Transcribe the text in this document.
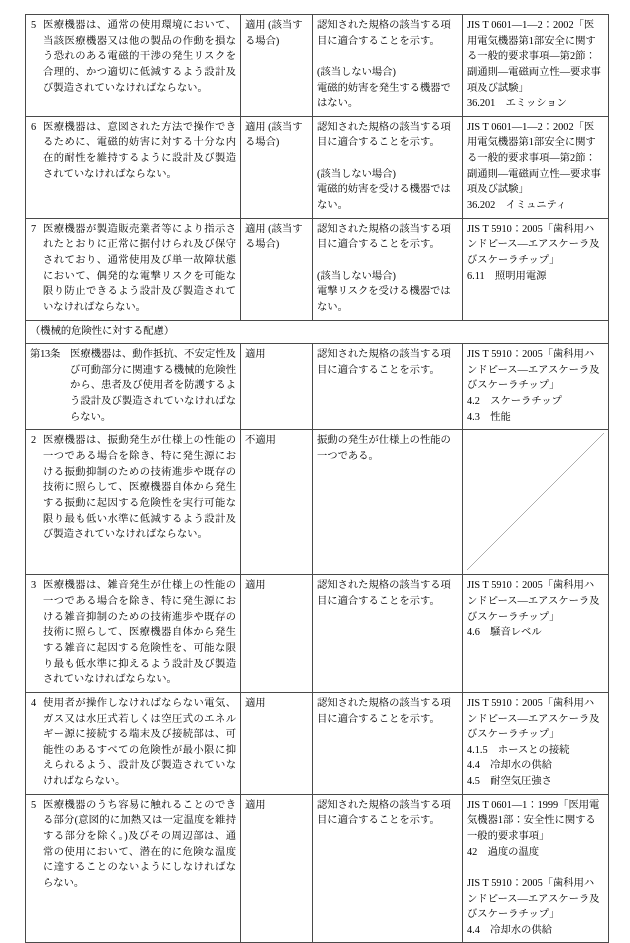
5 医療機器は、通常の使用環境において、当該医療機器又は他の製品の作動を損なう恐れのある電磁的干渉の発生リスクを合理的、かつ適切に低減するよう設計及び製造されていなければならない。	適用 (該当する場合)	認知された規格の該当する項目に適合することを示す。
(該当しない場合)
電磁的妨害を発生する機器ではない。	JIS T 0601—1—2：2002「医用電気機器第1部安全に関する一般的要求事項—第2節：副通則—電磁両立性—要求事項及び試験」
36.201　エミッション

6 医療機器は、意図された方法で操作できるために、電磁的妨害に対する十分な内在的耐性を維持するように設計及び製造されていなければならない。	適用 (該当する場合)	認知された規格の該当する項目に適合することを示す。
(該当しない場合)
電磁的妨害を受ける機器ではない。	JIS T 0601—1—2：2002「医用電気機器第1部安全に関する一般的要求事項—第2節：副通則—電磁両立性—要求事項及び試験」
36.202　イミュニティ

7 医療機器が製造販売業者等により指示されたとおりに正常に据付けられ及び保守されており、通常使用及び単一故障状態において、偶発的な電撃リスクを可能な限り防止できるよう設計及び製造されていなければならない。	適用 (該当する場合)	認知された規格の該当する項目に適合することを示す。
(該当しない場合)
電撃リスクを受ける機器ではない。	JIS T 5910：2005「歯科用ハンドピース—エアスケーラ及びスケーラチップ」
6.11　照明用電源

（機械的危険性に対する配慮）			

第13条 医療機器は、動作抵抗、不安定性及び可動部分に関連する機械的危険性から、患者及び使用者を防護するよう設計及び製造されていなければならない。	適用	認知された規格の該当する項目に適合することを示す。	JIS T 5910：2005「歯科用ハンドピース—エアスケーラ及びスケーラチップ」
4.2　スケーラチップ
4.3　性能

2 医療機器は、振動発生が仕様上の性能の一つである場合を除き、特に発生源における振動抑制のための技術進歩や既存の技術に照らして、医療機器自体から発生する振動に起因する危険性を実行可能な限り最も低い水準に低減するよう設計及び製造されていなければならない。	不適用	振動の発生が仕様上の性能の一つである。

3 医療機器は、雑音発生が仕様上の性能の一つである場合を除き、特に発生源における雑音抑制のための技術進歩や既存の技術に照らして、医療機器自体から発生する雑音に起因する危険性を、可能な限り最も低水準に抑えるよう設計及び製造されていなければならない。	適用	認知された規格の該当する項目に適合することを示す。	JIS T 5910：2005「歯科用ハンドピース—エアスケーラ及びスケーラチップ」
4.6　騒音レベル

4 使用者が操作しなければならない電気、ガス又は水圧式若しくは空圧式のエネルギー源に接続する端末及び接続部は、可能性のあるすべての危険性が最小限に抑えられるよう、設計及び製造されていなければならない。	適用	認知された規格の該当する項目に適合することを示す。	JIS T 5910：2005「歯科用ハンドピース—エアスケーラ及びスケーラチップ」
4.1.5　ホースとの接続
4.4　冷却水の供給
4.5　耐空気圧強さ

5 医療機器のうち容易に触れることのできる部分(意図的に加熱又は一定温度を維持する部分を除く。)及びその周辺部は、通常の使用において、潜在的に危険な温度に達することのないようにしなければならない。	適用	認知された規格の該当する項目に適合することを示す。	JIS T 0601—1：1999「医用電気機器1部：安全性に関する一般的要求事項」
42　過度の温度
JIS T 5910：2005「歯科用ハンドピース—エアスケーラ及びスケーラチップ」
4.4　冷却水の供給
